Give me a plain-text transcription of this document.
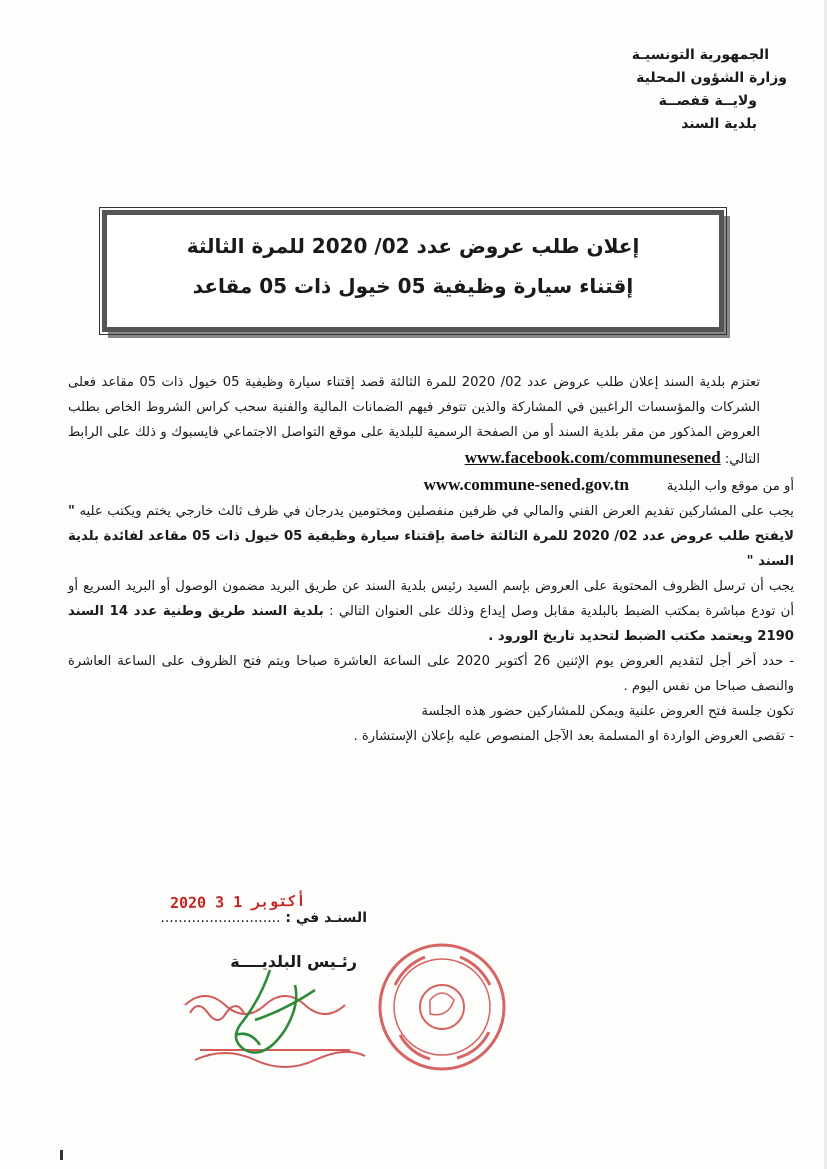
الجمهورية التونسيـة
وزارة الشؤون المحلية
ولايــة قفصــة
بلدية السند
إعلان طلب عروض عدد 02/ 2020 للمرة الثالثة
إقتناء سيارة وظيفية 05 خيول ذات 05 مقاعد

تعتزم بلدية السند إعلان طلب عروض عدد 02/ 2020 للمرة الثالثة قصد إقتناء سيارة وظيفية 05 خيول ذات 05 مقاعد فعلى الشركات والمؤسسات الراغبين في المشاركة والذين تتوفر فيهم الضمانات المالية والفنية سحب كراس الشروط الخاص بطلب العروض المذكور من مقر بلدية السند أو من الصفحة الرسمية للبلدية على موقع التواصل الاجتماعي فايسبوك و ذلك على الرابط التالي: www.facebook.com/communesened

أو من موقع واب البلدية         www.commune-sened.gov.tn

يجب على المشاركين تقديم العرض الفني والمالي في ظرفين منفصلين ومختومين يدرجان في ظرف ثالث خارجي يختم ويكتب عليه " لايفتح طلب عروض عدد 02/ 2020 للمرة الثالثة خاصة بإقتناء سيارة وظيفية 05 خيول ذات 05 مقاعد لفائدة بلدية السند "

يجب أن ترسل الظروف المحتوية على العروض بإسم السيد رئيس بلدية السند عن طريق البريد مضمون الوصول أو البريد السريع أو أن تودع مباشرة بمكتب الضبط بالبلدية مقابل وصل إيداع وذلك على العنوان التالي : بلدية السند طريق وطنية عدد 14 السند 2190 ويعتمد مكتب الضبط لتحديد تاريخ الورود .

- حدد أخر أجل لتقديم العروض يوم الإثنين 26 أكتوبر 2020 على الساعة العاشرة صباحا ويتم فتح الظروف على الساعة العاشرة والنصف صباحا من نفس اليوم .

تكون جلسة فتح العروض علنية ويمكن للمشاركين حضور هذه الجلسة

- تقصى العروض الواردة او المسلمة بعد الآجل المنصوص عليه بإعلان الإستشارة .

2020 أكتوبر 1 3
السنـد في : ...........................
رئـيس البلديــــة
